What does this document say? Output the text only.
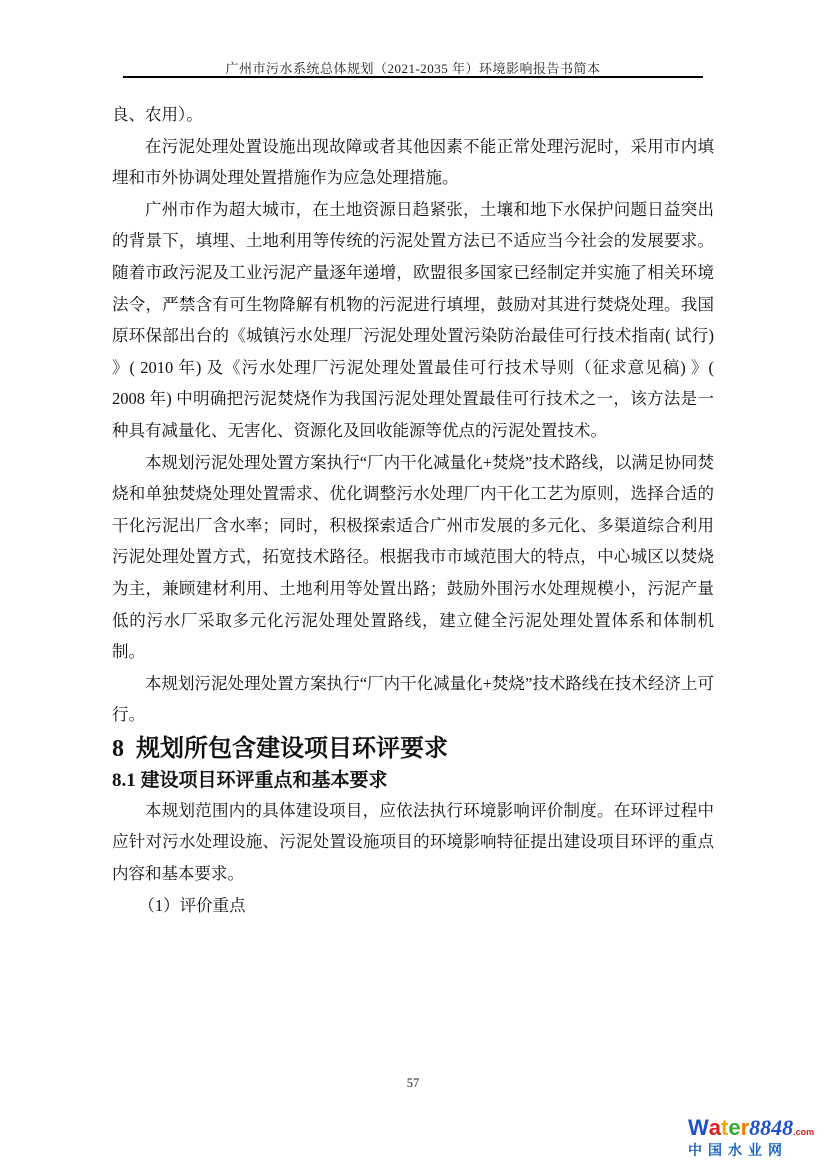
广州市污水系统总体规划（2021-2035 年）环境影响报告书简本

良、农用）。

在污泥处理处置设施出现故障或者其他因素不能正常处理污泥时，采用市内填埋和市外协调处理处置措施作为应急处理措施。

广州市作为超大城市，在土地资源日趋紧张，土壤和地下水保护问题日益突出的背景下，填埋、土地利用等传统的污泥处置方法已不适应当今社会的发展要求。随着市政污泥及工业污泥产量逐年递增，欧盟很多国家已经制定并实施了相关环境法令，严禁含有可生物降解有机物的污泥进行填埋，鼓励对其进行焚烧处理。我国原环保部出台的《城镇污水处理厂污泥处理处置污染防治最佳可行技术指南( 试行) 》( 2010 年) 及《污水处理厂污泥处理处置最佳可行技术导则（征求意见稿) 》( 2008 年) 中明确把污泥焚烧作为我国污泥处理处置最佳可行技术之一，该方法是一种具有减量化、无害化、资源化及回收能源等优点的污泥处置技术。

本规划污泥处理处置方案执行“厂内干化减量化+焚烧”技术路线，以满足协同焚烧和单独焚烧处理处置需求、优化调整污水处理厂内干化工艺为原则，选择合适的干化污泥出厂含水率；同时，积极探索适合广州市发展的多元化、多渠道综合利用污泥处理处置方式，拓宽技术路径。根据我市市域范围大的特点，中心城区以焚烧为主，兼顾建材利用、土地利用等处置出路；鼓励外围污水处理规模小，污泥产量低的污水厂采取多元化污泥处理处置路线，建立健全污泥处理处置体系和体制机制。

本规划污泥处理处置方案执行“厂内干化减量化+焚烧”技术路线在技术经济上可行。

8  规划所包含建设项目环评要求

8.1 建设项目环评重点和基本要求

本规划范围内的具体建设项目，应依法执行环境影响评价制度。在环评过程中应针对污水处理设施、污泥处置设施项目的环境影响特征提出建设项目环评的重点内容和基本要求。

（1）评价重点

57
Water8848.com
中国水业网
